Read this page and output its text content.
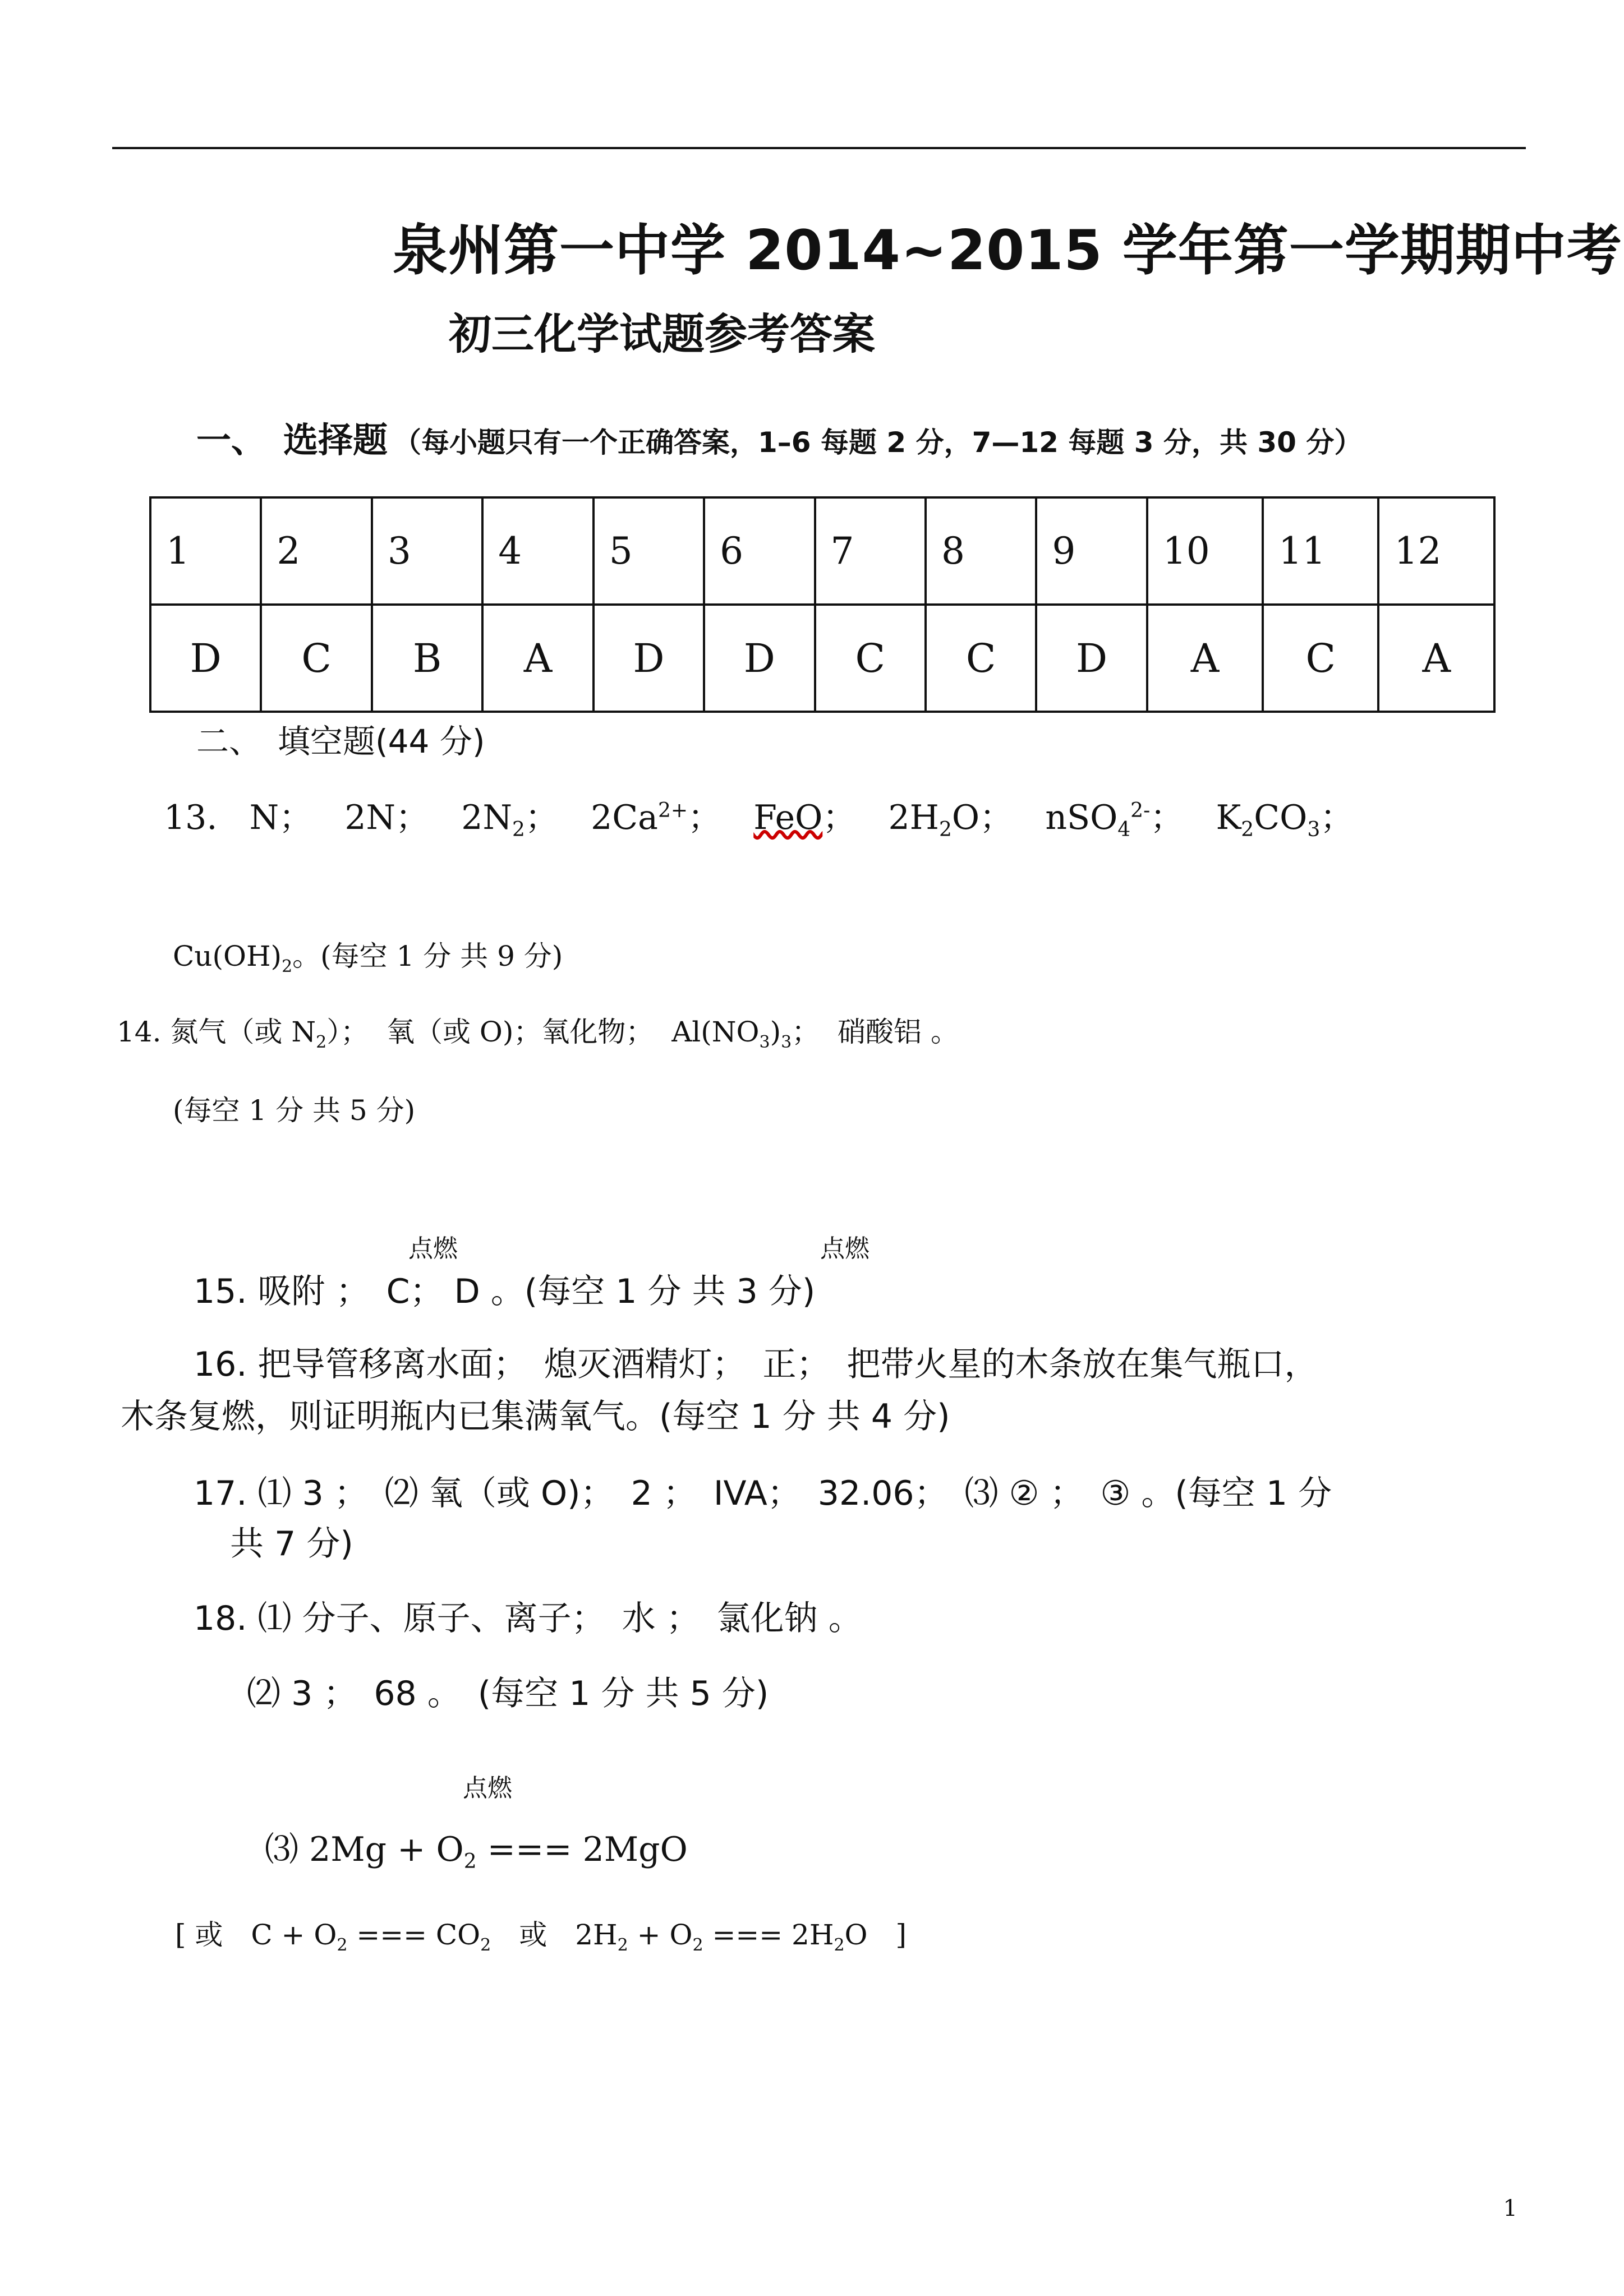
泉州第一中学 2014~2015 学年第一学期期中考
初三化学试题参考答案
一、　选择题 （每小题只有一个正确答案，1–6 每题 2 分，7—12 每题 3 分，共 30 分）
1	2	3	4	5	6	7	8	9	10	11	12
D	C	B	A	D	D	C	C	D	A	C	A
二、　填空题(44 分)
13. N； 2N； $2N_2$； $2Ca^{2+}$； FeO； $2H_2O$； nSO$_4^{2-}$； $K_2CO_3$；
$Cu(OH)_2$。(每空 1 分 共 9 分)
14. 氮气（或 $N_2$）； 氧（或 O)；氧化物； $Al(NO_3)_3$； 硝酸铝 。
(每空 1 分 共 5 分)
点燃	点燃
15. 吸附 ；　C； D 。(每空 1 分 共 3 分)
16. 把导管移离水面；　熄灭酒精灯；　正；　把带火星的木条放在集气瓶口，
木条复燃，则证明瓶内已集满氧气。(每空 1 分 共 4 分)
17. ⑴ 3 ；　⑵ 氧（或 O)；　2 ；　IVA；　32.06；　⑶ ② ；　③ 。(每空 1 分
共 7 分)
18. ⑴ 分子、原子、离子；　水 ；　氯化钠 。
⑵ 3 ；　68 。　(每空 1 分 共 5 分)
点燃
⑶ $2Mg + O_2$ === 2MgO
[ 或　$C + O_2$ === $CO_2$　或　$2H_2 + O_2$ === $2H_2O$　]
1
